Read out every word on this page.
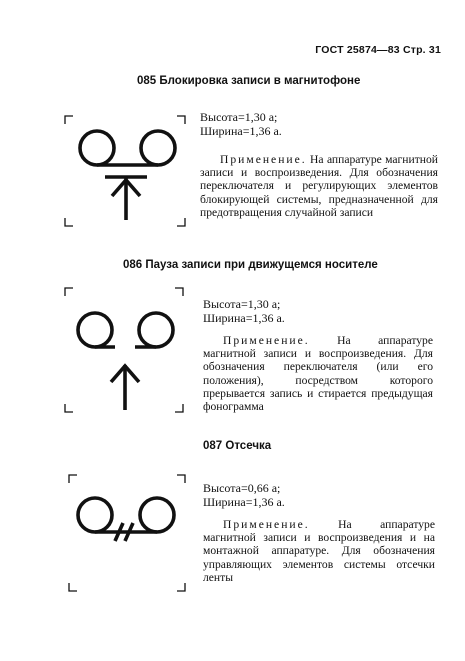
ГОСТ 25874—83 Стр. 31
085 Блокировка записи в магнитофоне
Высота=1,30 a;
Ширина=1,36 a.
Применение. На аппаратуре магнитной записи и воспроизведения. Для обозначения переключателя и регулирующих элементов блокирующей системы, предназначенной для предотвращения случайной записи
086 Пауза записи при движущемся носителе
Высота=1,30 a;
Ширина=1,36 a.
Применение. На аппаратуре магнитной записи и воспроизведения. Для обозначения переключателя (или его положения), посредством которого прерывается запись и стирается предыдущая фонограмма
087 Отсечка
Высота=0,66 a;
Ширина=1,36 a.
Применение. На аппаратуре магнитной записи и воспроизведения и на монтажной аппаратуре. Для обозначения управляющих элементов системы отсечки ленты
